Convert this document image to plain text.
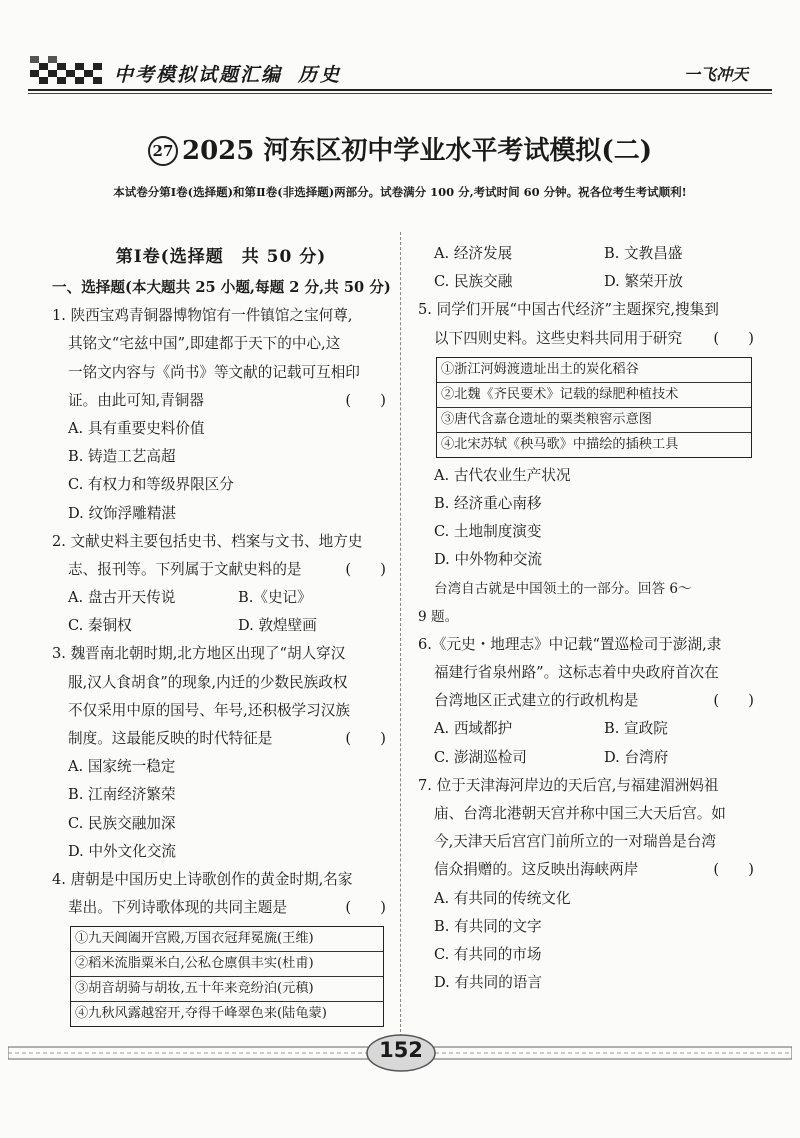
中考模拟试题汇编 历史	一飞冲天
27 2025 河东区初中学业水平考试模拟(二)
本试卷分第Ⅰ卷(选择题)和第Ⅱ卷(非选择题)两部分。试卷满分 100 分,考试时间 60 分钟。祝各位考生考试顺利!
第Ⅰ卷(选择题　共 50 分)
一、选择题(本大题共 25 小题,每题 2 分,共 50 分)
1. 陕西宝鸡青铜器博物馆有一件镇馆之宝何尊,
其铭文“宅兹中国”,即建都于天下的中心,这
一铭文内容与《尚书》等文献的记载可互相印
证。由此可知,青铜器	(　　)
A. 具有重要史料价值
B. 铸造工艺高超
C. 有权力和等级界限区分
D. 纹饰浮雕精湛
2. 文献史料主要包括史书、档案与文书、地方史
志、报刊等。下列属于文献史料的是	(　　)
A. 盘古开天传说	B.《史记》
C. 秦铜权	D. 敦煌壁画
3. 魏晋南北朝时期,北方地区出现了“胡人穿汉
服,汉人食胡食”的现象,内迁的少数民族政权
不仅采用中原的国号、年号,还积极学习汉族
制度。这最能反映的时代特征是	(　　)
A. 国家统一稳定
B. 江南经济繁荣
C. 民族交融加深
D. 中外文化交流
4. 唐朝是中国历史上诗歌创作的黄金时期,名家
辈出。下列诗歌体现的共同主题是	(　　)
①九天阊阖开宫殿,万国衣冠拜冕旒(王维)
②稻米流脂粟米白,公私仓廪俱丰实(杜甫)
③胡音胡骑与胡妆,五十年来竞纷泊(元稹)
④九秋风露越窑开,夺得千峰翠色来(陆龟蒙)
A. 经济发展	B. 文教昌盛
C. 民族交融	D. 繁荣开放
5. 同学们开展“中国古代经济”主题探究,搜集到
以下四则史料。这些史料共同用于研究 (　　)
①浙江河姆渡遗址出土的炭化稻谷
②北魏《齐民要术》记载的绿肥种植技术
③唐代含嘉仓遗址的粟类粮窖示意图
④北宋苏轼《秧马歌》中描绘的插秧工具
A. 古代农业生产状况
B. 经济重心南移
C. 土地制度演变
D. 中外物种交流
台湾自古就是中国领土的一部分。回答 6～
9 题。
6.《元史・地理志》中记载“置巡检司于澎湖,隶
福建行省泉州路”。这标志着中央政府首次在
台湾地区正式建立的行政机构是	(　　)
A. 西域都护	B. 宣政院
C. 澎湖巡检司	D. 台湾府
7. 位于天津海河岸边的天后宫,与福建湄洲妈祖
庙、台湾北港朝天宫并称中国三大天后宫。如
今,天津天后宫宫门前所立的一对瑞兽是台湾
信众捐赠的。这反映出海峡两岸	(　　)
A. 有共同的传统文化
B. 有共同的文字
C. 有共同的市场
D. 有共同的语言
152
